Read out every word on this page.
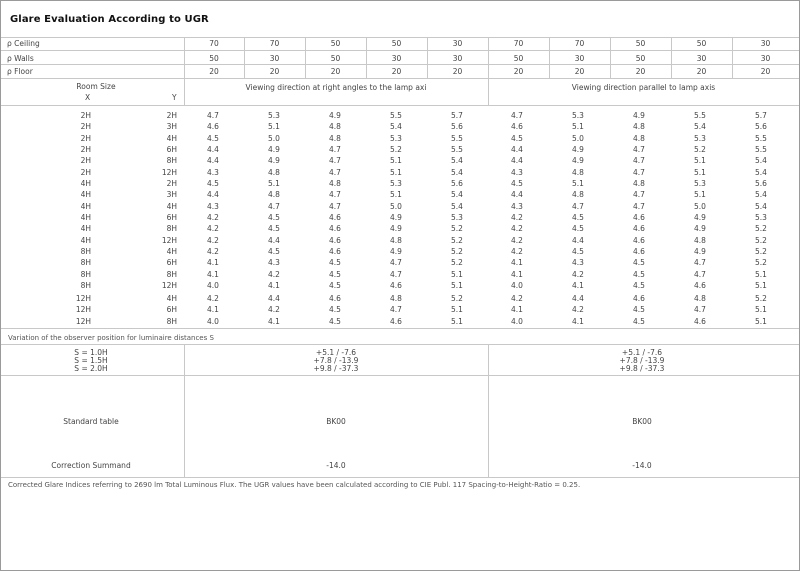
Glare Evaluation According to UGR
ρ Ceiling	70	70	50	50	30	70	70	50	50	30
ρ Walls	50	30	50	30	30	50	30	50	30	30
ρ Floor	20	20	20	20	20	20	20	20	20	20
Room Size
X	Y
Viewing direction at right angles to the lamp axi	Viewing direction parallel to lamp axis
2H	2H	4.7	5.3	4.9	5.5	5.7	4.7	5.3	4.9	5.5	5.7
2H	3H	4.6	5.1	4.8	5.4	5.6	4.6	5.1	4.8	5.4	5.6
2H	4H	4.5	5.0	4.8	5.3	5.5	4.5	5.0	4.8	5.3	5.5
2H	6H	4.4	4.9	4.7	5.2	5.5	4.4	4.9	4.7	5.2	5.5
2H	8H	4.4	4.9	4.7	5.1	5.4	4.4	4.9	4.7	5.1	5.4
2H	12H	4.3	4.8	4.7	5.1	5.4	4.3	4.8	4.7	5.1	5.4
4H	2H	4.5	5.1	4.8	5.3	5.6	4.5	5.1	4.8	5.3	5.6
4H	3H	4.4	4.8	4.7	5.1	5.4	4.4	4.8	4.7	5.1	5.4
4H	4H	4.3	4.7	4.7	5.0	5.4	4.3	4.7	4.7	5.0	5.4
4H	6H	4.2	4.5	4.6	4.9	5.3	4.2	4.5	4.6	4.9	5.3
4H	8H	4.2	4.5	4.6	4.9	5.2	4.2	4.5	4.6	4.9	5.2
4H	12H	4.2	4.4	4.6	4.8	5.2	4.2	4.4	4.6	4.8	5.2
8H	4H	4.2	4.5	4.6	4.9	5.2	4.2	4.5	4.6	4.9	5.2
8H	6H	4.1	4.3	4.5	4.7	5.2	4.1	4.3	4.5	4.7	5.2
8H	8H	4.1	4.2	4.5	4.7	5.1	4.1	4.2	4.5	4.7	5.1
8H	12H	4.0	4.1	4.5	4.6	5.1	4.0	4.1	4.5	4.6	5.1
12H	4H	4.2	4.4	4.6	4.8	5.2	4.2	4.4	4.6	4.8	5.2
12H	6H	4.1	4.2	4.5	4.7	5.1	4.1	4.2	4.5	4.7	5.1
12H	8H	4.0	4.1	4.5	4.6	5.1	4.0	4.1	4.5	4.6	5.1
Variation of the observer position for luminaire distances S
S = 1.0H	+5.1 / -7.6	+5.1 / -7.6
S = 1.5H	+7.8 / -13.9	+7.8 / -13.9
S = 2.0H	+9.8 / -37.3	+9.8 / -37.3
Standard table	BK00	BK00
Correction Summand	-14.0	-14.0
Corrected Glare Indices referring to 2690 lm Total Luminous Flux. The UGR values have been calculated according to CIE Publ. 117 Spacing-to-Height-Ratio = 0.25.
